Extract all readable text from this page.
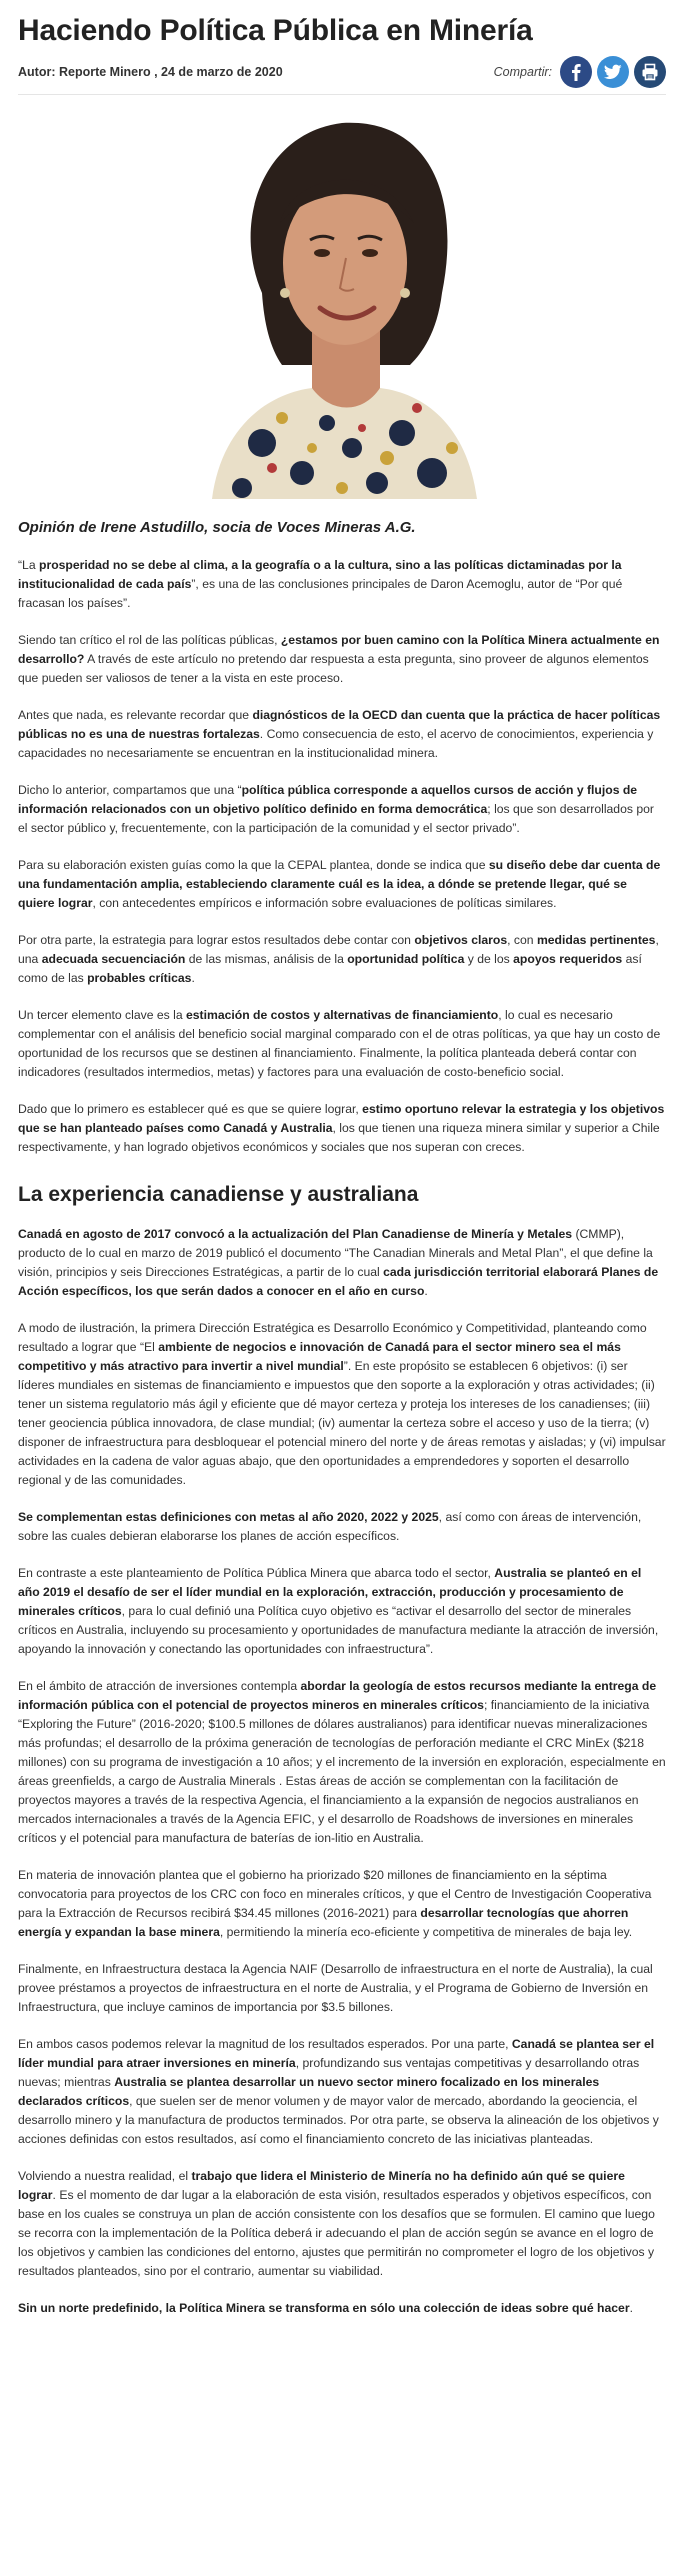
Haciendo Política Pública en Minería
Autor: Reporte Minero , 24 de marzo de 2020	Compartir:
Opinión de Irene Astudillo, socia de Voces Mineras A.G.

“La prosperidad no se debe al clima, a la geografía o a la cultura, sino a las políticas dictaminadas por la institucionalidad de cada país”, es una de las conclusiones principales de Daron Acemoglu, autor de “Por qué fracasan los países”.

Siendo tan crítico el rol de las políticas públicas, ¿estamos por buen camino con la Política Minera actualmente en desarrollo? A través de este artículo no pretendo dar respuesta a esta pregunta, sino proveer de algunos elementos que pueden ser valiosos de tener a la vista en este proceso.

Antes que nada, es relevante recordar que diagnósticos de la OECD dan cuenta que la práctica de hacer políticas públicas no es una de nuestras fortalezas. Como consecuencia de esto, el acervo de conocimientos, experiencia y capacidades no necesariamente se encuentran en la institucionalidad minera.

Dicho lo anterior, compartamos que una “política pública corresponde a aquellos cursos de acción y flujos de información relacionados con un objetivo político definido en forma democrática; los que son desarrollados por el sector público y, frecuentemente, con la participación de la comunidad y el sector privado”.

Para su elaboración existen guías como la que la CEPAL plantea, donde se indica que su diseño debe dar cuenta de una fundamentación amplia, estableciendo claramente cuál es la idea, a dónde se pretende llegar, qué se quiere lograr, con antecedentes empíricos e información sobre evaluaciones de políticas similares.

Por otra parte, la estrategia para lograr estos resultados debe contar con objetivos claros, con medidas pertinentes, una adecuada secuenciación de las mismas, análisis de la oportunidad política y de los apoyos requeridos así como de las probables críticas.

Un tercer elemento clave es la estimación de costos y alternativas de financiamiento, lo cual es necesario complementar con el análisis del beneficio social marginal comparado con el de otras políticas, ya que hay un costo de oportunidad de los recursos que se destinen al financiamiento. Finalmente, la política planteada deberá contar con indicadores (resultados intermedios, metas) y factores para una evaluación de costo-beneficio social.

Dado que lo primero es establecer qué es que se quiere lograr, estimo oportuno relevar la estrategia y los objetivos que se han planteado países como Canadá y Australia, los que tienen una riqueza minera similar y superior a Chile respectivamente, y han logrado objetivos económicos y sociales que nos superan con creces.

La experiencia canadiense y australiana

Canadá en agosto de 2017 convocó a la actualización del Plan Canadiense de Minería y Metales (CMMP), producto de lo cual en marzo de 2019 publicó el documento “The Canadian Minerals and Metal Plan”, el que define la visión, principios y seis Direcciones Estratégicas, a partir de lo cual cada jurisdicción territorial elaborará Planes de Acción específicos, los que serán dados a conocer en el año en curso.

A modo de ilustración, la primera Dirección Estratégica es Desarrollo Económico y Competitividad, planteando como resultado a lograr que “El ambiente de negocios e innovación de Canadá para el sector minero sea el más competitivo y más atractivo para invertir a nivel mundial”. En este propósito se establecen 6 objetivos: (i) ser líderes mundiales en sistemas de financiamiento e impuestos que den soporte a la exploración y otras actividades; (ii) tener un sistema regulatorio más ágil y eficiente que dé mayor certeza y proteja los intereses de los canadienses; (iii) tener geociencia pública innovadora, de clase mundial; (iv) aumentar la certeza sobre el acceso y uso de la tierra; (v) disponer de infraestructura para desbloquear el potencial minero del norte y de áreas remotas y aisladas; y (vi) impulsar actividades en la cadena de valor aguas abajo, que den oportunidades a emprendedores y soporten el desarrollo regional y de las comunidades.

Se complementan estas definiciones con metas al año 2020, 2022 y 2025, así como con áreas de intervención, sobre las cuales debieran elaborarse los planes de acción específicos.

En contraste a este planteamiento de Política Pública Minera que abarca todo el sector, Australia se planteó en el año 2019 el desafío de ser el líder mundial en la exploración, extracción, producción y procesamiento de minerales críticos, para lo cual definió una Política cuyo objetivo es “activar el desarrollo del sector de minerales críticos en Australia, incluyendo su procesamiento y oportunidades de manufactura mediante la atracción de inversión, apoyando la innovación y conectando las oportunidades con infraestructura”.

En el ámbito de atracción de inversiones contempla abordar la geología de estos recursos mediante la entrega de información pública con el potencial de proyectos mineros en minerales críticos; financiamiento de la iniciativa “Exploring the Future” (2016-2020; $100.5 millones de dólares australianos) para identificar nuevas mineralizaciones más profundas; el desarrollo de la próxima generación de tecnologías de perforación mediante el CRC MinEx ($218 millones) con su programa de investigación a 10 años; y el incremento de la inversión en exploración, especialmente en áreas greenfields, a cargo de Australia Minerals . Estas áreas de acción se complementan con la facilitación de proyectos mayores a través de la respectiva Agencia, el financiamiento a la expansión de negocios australianos en mercados internacionales a través de la Agencia EFIC, y el desarrollo de Roadshows de inversiones en minerales críticos y el potencial para manufactura de baterías de ion-litio en Australia.

En materia de innovación plantea que el gobierno ha priorizado $20 millones de financiamiento en la séptima convocatoria para proyectos de los CRC con foco en minerales críticos, y que el Centro de Investigación Cooperativa para la Extracción de Recursos recibirá $34.45 millones (2016-2021) para desarrollar tecnologías que ahorren energía y expandan la base minera, permitiendo la minería eco-eficiente y competitiva de minerales de baja ley.

Finalmente, en Infraestructura destaca la Agencia NAIF (Desarrollo de infraestructura en el norte de Australia), la cual provee préstamos a proyectos de infraestructura en el norte de Australia, y el Programa de Gobierno de Inversión en Infraestructura, que incluye caminos de importancia por $3.5 billones.

En ambos casos podemos relevar la magnitud de los resultados esperados. Por una parte, Canadá se plantea ser el líder mundial para atraer inversiones en minería, profundizando sus ventajas competitivas y desarrollando otras nuevas; mientras Australia se plantea desarrollar un nuevo sector minero focalizado en los minerales declarados críticos, que suelen ser de menor volumen y de mayor valor de mercado, abordando la geociencia, el desarrollo minero y la manufactura de productos terminados. Por otra parte, se observa la alineación de los objetivos y acciones definidas con estos resultados, así como el financiamiento concreto de las iniciativas planteadas.

Volviendo a nuestra realidad, el trabajo que lidera el Ministerio de Minería no ha definido aún qué se quiere lograr. Es el momento de dar lugar a la elaboración de esta visión, resultados esperados y objetivos específicos, con base en los cuales se construya un plan de acción consistente con los desafíos que se formulen. El camino que luego se recorra con la implementación de la Política deberá ir adecuando el plan de acción según se avance en el logro de los objetivos y cambien las condiciones del entorno, ajustes que permitirán no comprometer el logro de los objetivos y resultados planteados, sino por el contrario, aumentar su viabilidad.

Sin un norte predefinido, la Política Minera se transforma en sólo una colección de ideas sobre qué hacer.
